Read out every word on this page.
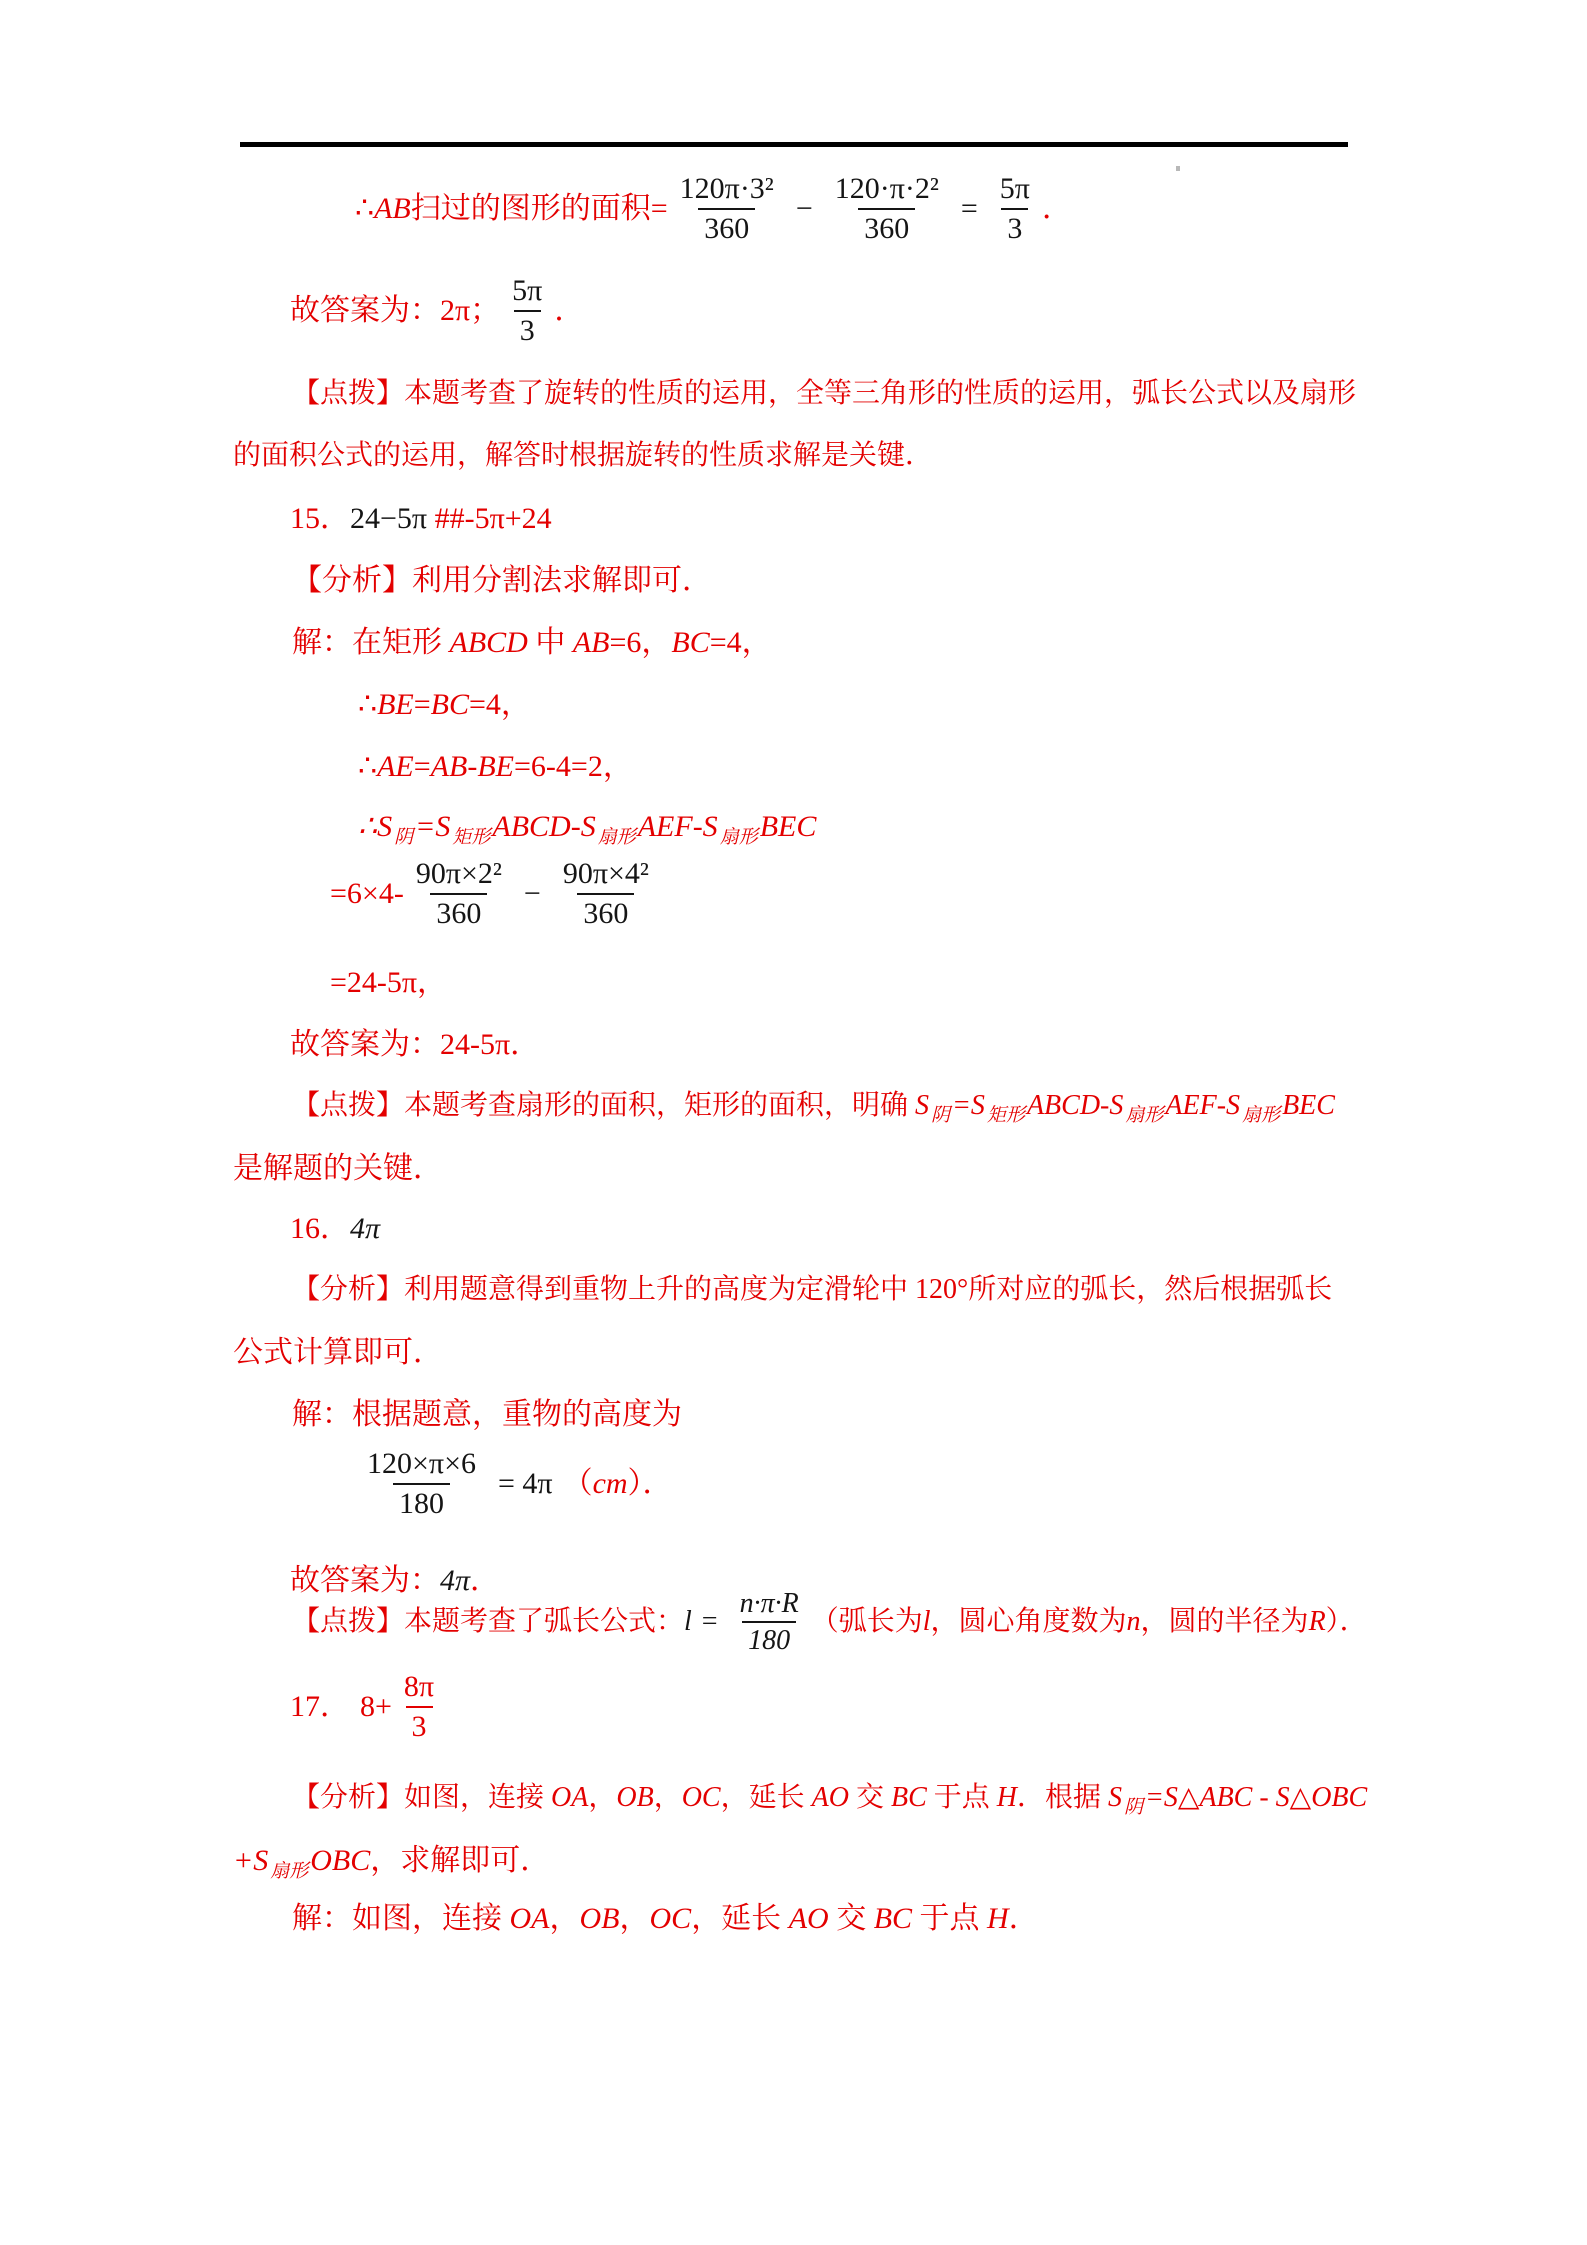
∴ AB 扫过的图形的面积= $\frac{\text{120π·3²}}{360} - \frac{\text{120·π·2²}}{360} = \frac{5\pi}{3}$ ．
故答案为：2π； $\frac{5\pi}{3}$ ．
【点拨】本题考查了旋转的性质的运用，全等三角形的性质的运用，弧长公式以及扇形
的面积公式的运用，解答时根据旋转的性质求解是关键．
15．24−5π ##-5π+24
【分析】利用分割法求解即可．
解：在矩形 ABCD 中 AB=6，BC=4，
∴BE=BC=4，
∴AE=AB-BE=6-4=2，
∴S $_阴$=S $_{矩形}$ABCD-S $_{扇形}$AEF-S $_{扇形}$BEC
$=6\times 4- \frac{\text{90π×2²}}{360} - \frac{\text{90π×4²}}{360}$
=24-5π，
故答案为：24-5π．
【点拨】本题考查扇形的面积，矩形的面积，明确 S $_阴$=S $_{矩形}$ABCD-S $_{扇形}$AEF-S $_{扇形}$BEC
是解题的关键．
16．4π
【分析】利用题意得到重物上升的高度为定滑轮中 120°所对应的弧长，然后根据弧长
公式计算即可．
解：根据题意，重物的高度为
$\frac{120\times\pi\times 6}{180} = 4\pi$ （ cm ）．
故答案为：4π．
【点拨】本题考查了弧长公式： $l = \frac{n\cdot\pi\cdot R}{180}$ （弧长为 l ，圆心角度数为 n ，圆的半径为 R ）．
17． $8+ \frac{8\pi}{3}$
【分析】如图，连接 OA，OB，OC，延长 AO 交 BC 于点 H．根据 S $_阴$=S△ABC - S△OBC
+S $_{扇形}$OBC，求解即可．
解：如图，连接 OA，OB，OC，延长 AO 交 BC 于点 H．
